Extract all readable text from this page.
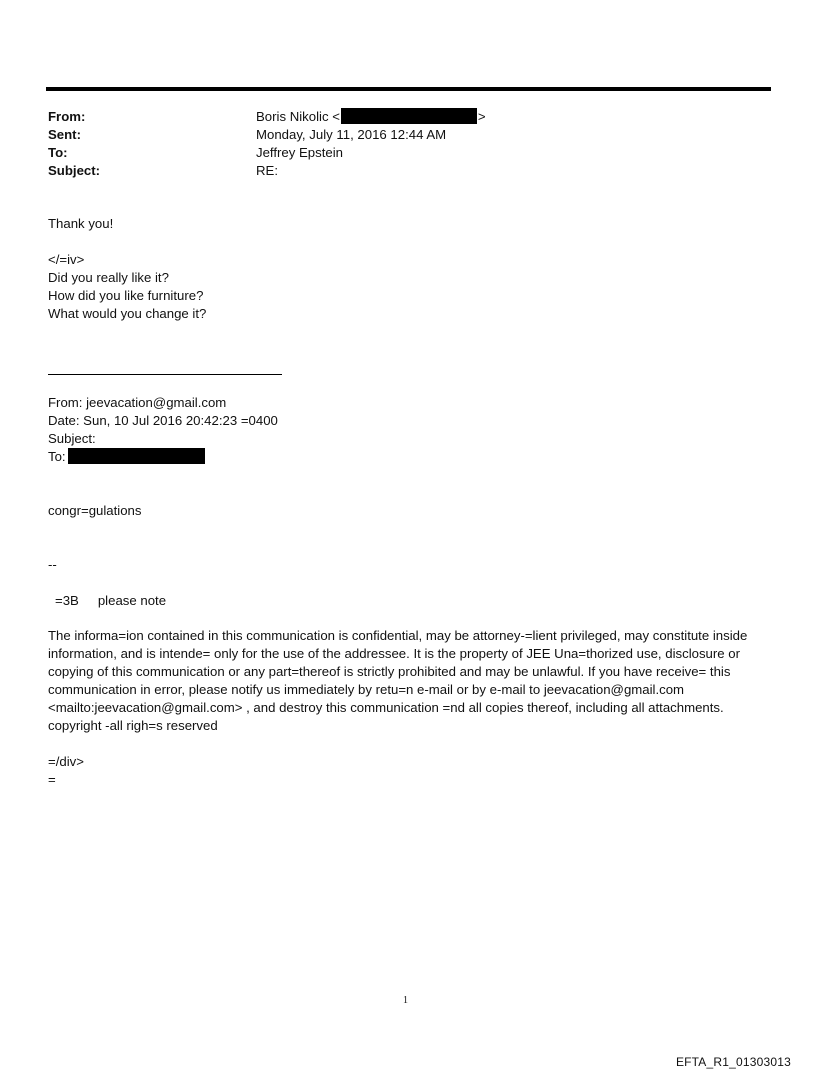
From:	Boris Nikolic <	>
Sent:	Monday, July 11, 2016 12:44 AM
To:	Jeffrey Epstein
Subject:	RE:
Thank you!
</=iv>
Did you really like it?
How did you like furniture?
What would you change it?
From: jeevacation@gmail.com
Date: Sun, 10 Jul 2016 20:42:23 =0400
Subject:
To:
congr=gulations
--
=3B please note
The informa=ion contained in this communication is confidential, may be attorney-=lient privileged, may constitute inside information, and is intende= only for the use of the addressee. It is the property of JEE Una=thorized use, disclosure or copying of this communication or any part=thereof is strictly prohibited and may be unlawful. If you have receive= this communication in error, please notify us immediately by retu=n e-mail or by e-mail to jeevacation@gmail.com <mailto:jeevacation@gmail.com> , and destroy this communication =nd all copies thereof, including all attachments. copyright -all righ=s reserved
=/div>
=
1
EFTA_R1_01303013
